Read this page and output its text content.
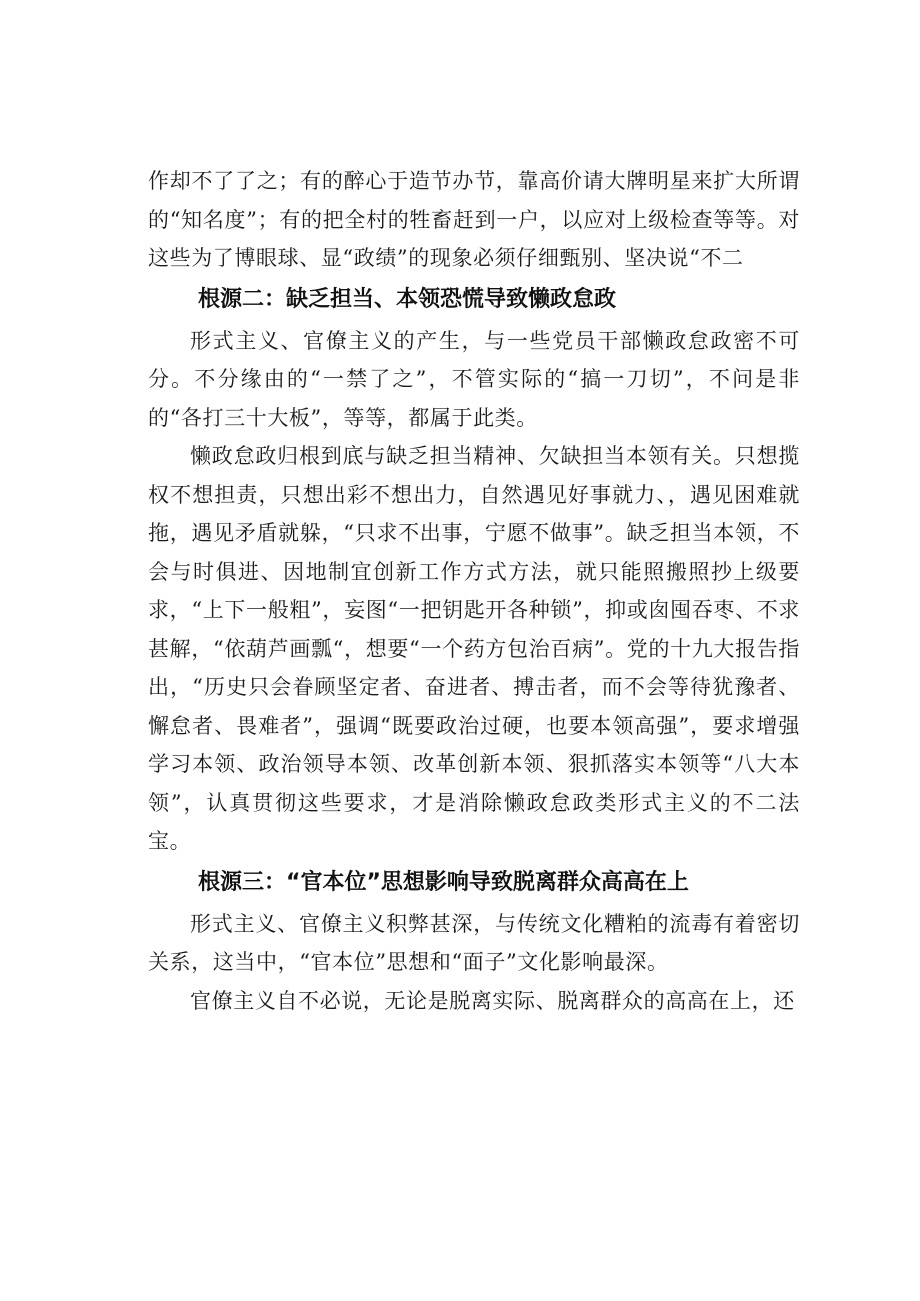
作却不了了之；有的醉心于造节办节，靠高价请大牌明星来扩大所谓的“知名度”；有的把全村的牲畜赶到一户，以应对上级检查等等。对这些为了博眼球、显“政绩”的现象必须仔细甄别、坚决说“不二

根源二：缺乏担当、本领恐慌导致懒政怠政

形式主义、官僚主义的产生，与一些党员干部懒政怠政密不可分。不分缘由的“一禁了之”，不管实际的“搞一刀切”，不问是非的“各打三十大板”，等等，都属于此类。

懒政怠政归根到底与缺乏担当精神、欠缺担当本领有关。只想揽权不想担责，只想出彩不想出力，自然遇见好事就力、，遇见困难就拖，遇见矛盾就躲，“只求不出事，宁愿不做事”。缺乏担当本领，不会与时俱进、因地制宜创新工作方式方法，就只能照搬照抄上级要求，“上下一般粗”，妄图“一把钥匙开各种锁”，抑或囱囤吞枣、不求甚解，“依葫芦画瓢“，想要“一个药方包治百病”。党的十九大报告指出，“历史只会眷顾坚定者、奋进者、搏击者，而不会等待犹豫者、懈怠者、畏难者”，强调“既要政治过硬，也要本领高强”，要求增强学习本领、政治领导本领、改革创新本领、狠抓落实本领等“八大本领”，认真贯彻这些要求，才是消除懒政怠政类形式主义的不二法宝。

根源三：“官本位”思想影响导致脱离群众高高在上

形式主义、官僚主义积弊甚深，与传统文化糟粕的流毒有着密切关系，这当中，“官本位”思想和“面子”文化影响最深。

官僚主义自不必说，无论是脱离实际、脱离群众的高高在上，还
